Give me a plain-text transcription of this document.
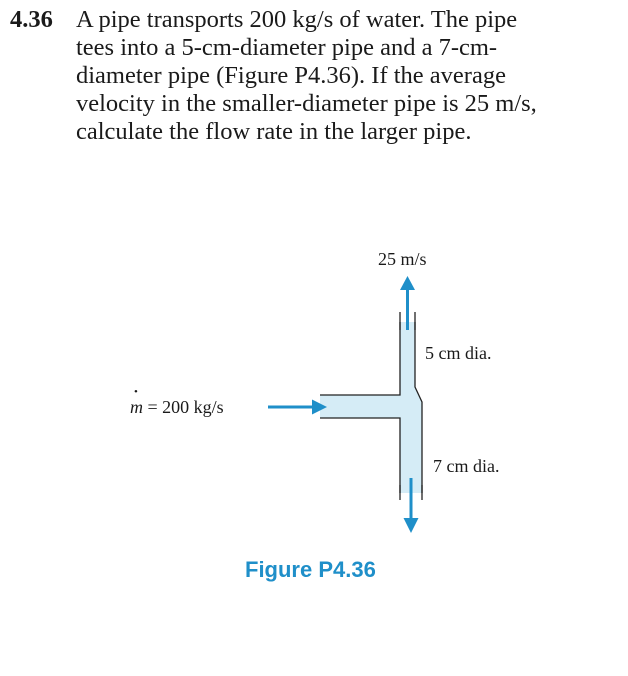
4.36 A pipe transports 200 kg/s of water. The pipe
tees into a 5-cm-diameter pipe and a 7-cm-
diameter pipe (Figure P4.36). If the average
velocity in the smaller-diameter pipe is 25 m/s,
calculate the flow rate in the larger pipe.
25 m/s
5 cm dia.
7 cm dia.
• m = 200 kg/s
Figure P4.36
